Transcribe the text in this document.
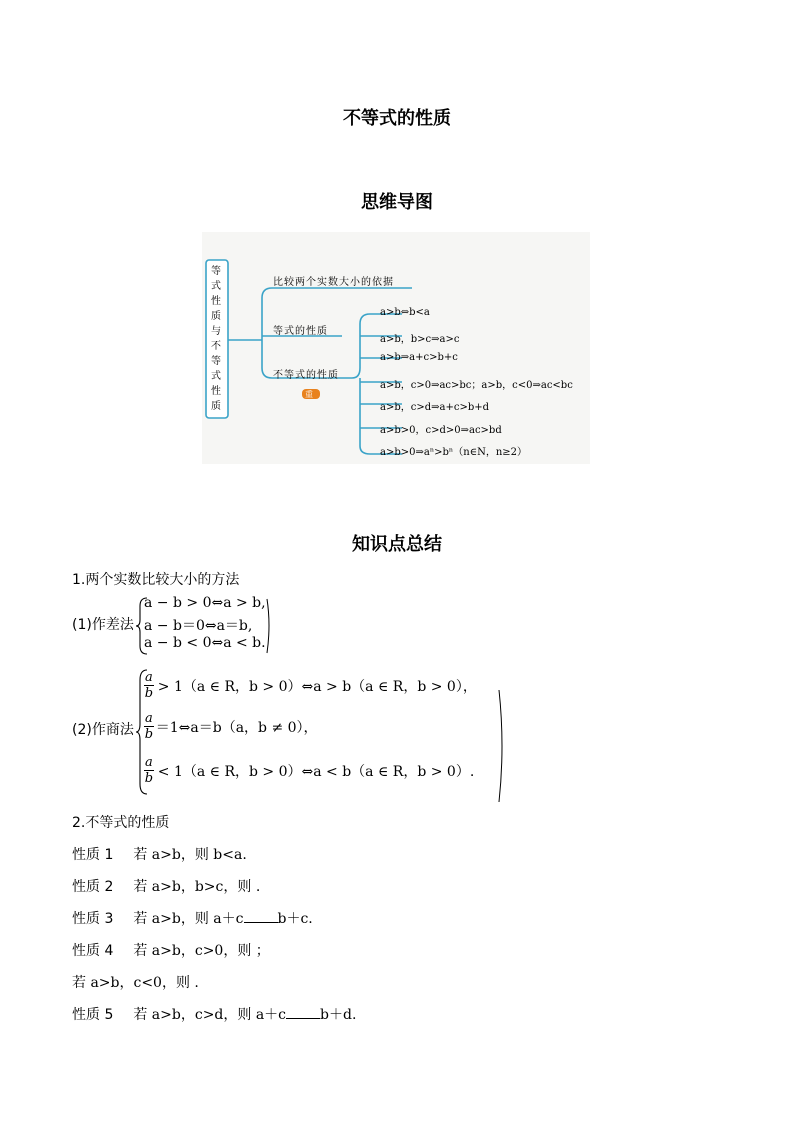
不等式的性质
思维导图
等
式
性
质
与
不
等
式
性
质
比较两个实数大小的依据
等式的性质
不等式的性质
重
a>b⇔b<a
a>b，b>c⇒a>c
a>b⇒a+c>b+c
a>b，c>0⇒ac>bc；a>b，c<0⇒ac<bc
a>b，c>d⇒a+c>b+d
a>b>0，c>d>0⇒ac>bd
a>b>0⇒aⁿ>bⁿ（n∈N，n≥2）
知识点总结
1.两个实数比较大小的方法
(1)作差法
a − b > 0⇔a > b,
a − b＝0⇔a＝b,
a − b < 0⇔a < b.
(2)作商法
$\frac{a}{b} > 1(a$ ∈ R，b > 0）⇔a > b（a ∈ R，b > 0），
$\frac{a}{b}$ ＝1⇔a＝b（a，b ≠ 0），
$\frac{a}{b} < 1(a$ ∈ R，b > 0）⇔a < b（a ∈ R，b > 0）.
2.不等式的性质
性质 1 若 a>b，则 b<a.
性质 2 若 a>b，b>c，则 .
性质 3 若 a>b，则 a＋c b＋c.
性质 4 若 a>b，c>0，则 ；
若 a>b，c<0，则 .
性质 5 若 a>b，c>d，则 a＋c b＋d.
